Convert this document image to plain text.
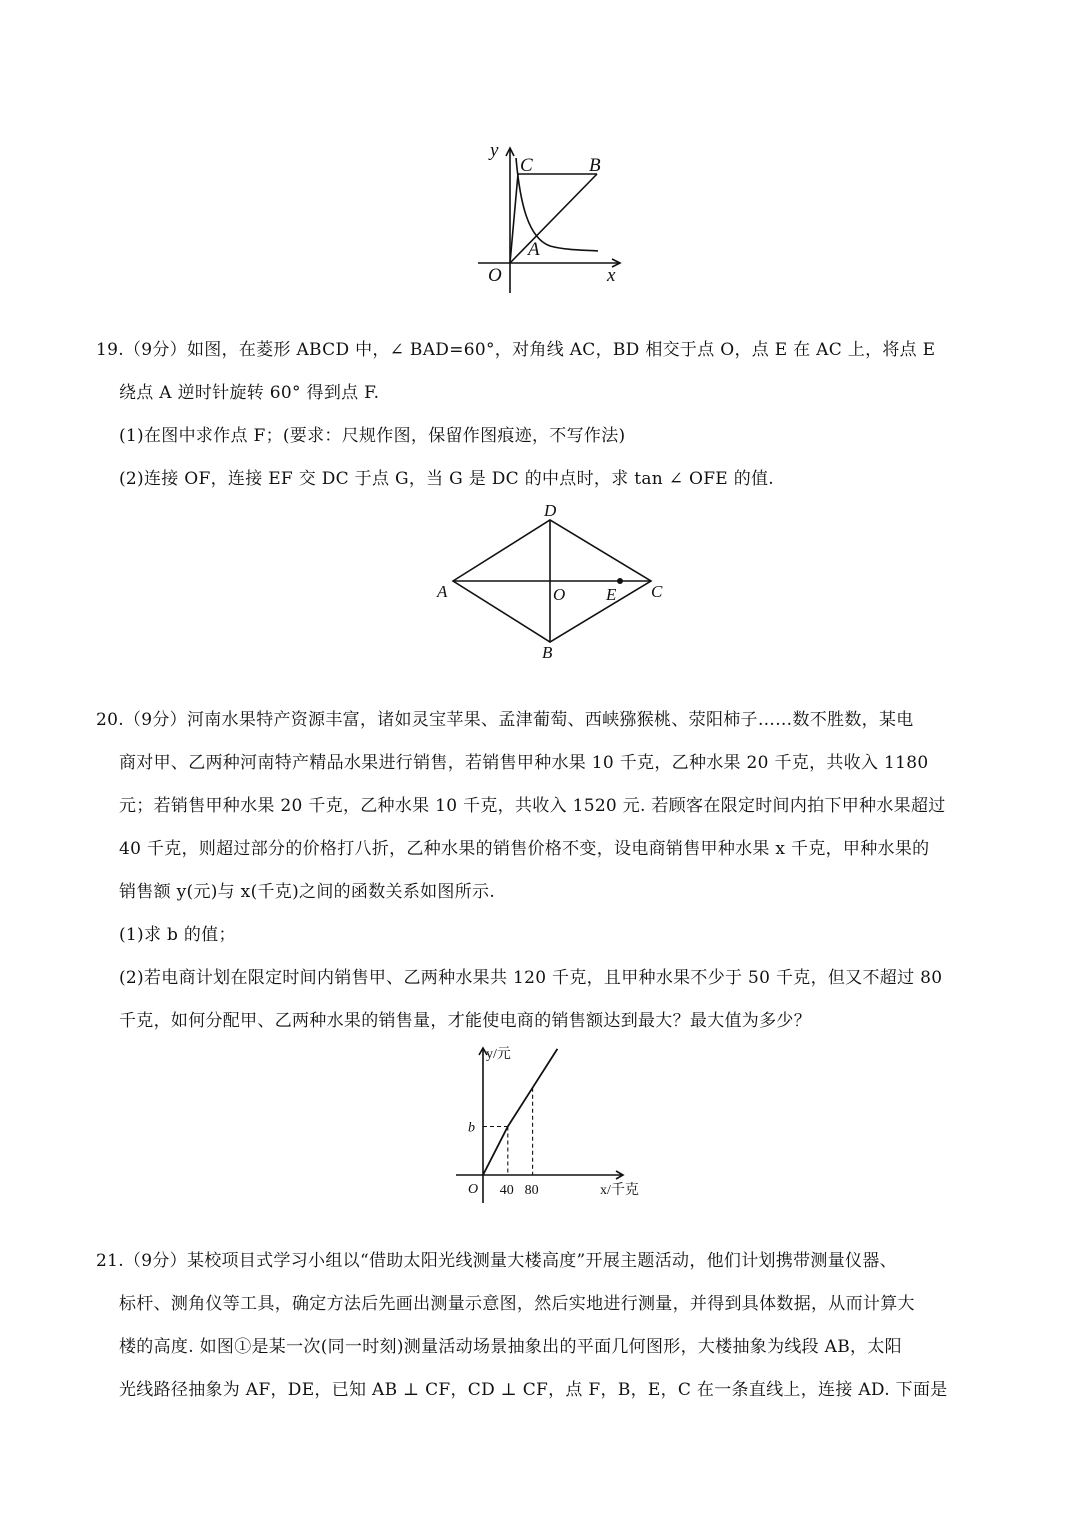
y
C	B
A
O	x
19.（9分）如图，在菱形 ABCD 中，∠ BAD=60°，对角线 AC，BD 相交于点 O，点 E 在 AC 上，将点 E
绕点 A 逆时针旋转 60° 得到点 F.
(1)在图中求作点 F；(要求：尺规作图，保留作图痕迹，不写作法)
(2)连接 OF，连接 EF 交 DC 于点 G，当 G 是 DC 的中点时，求 tan ∠ OFE 的值.
D
A	O E C
B
20.（9分）河南水果特产资源丰富，诸如灵宝苹果、孟津葡萄、西峡猕猴桃、荥阳柿子……数不胜数，某电
商对甲、乙两种河南特产精品水果进行销售，若销售甲种水果 10 千克，乙种水果 20 千克，共收入 1180
元；若销售甲种水果 20 千克，乙种水果 10 千克，共收入 1520 元. 若顾客在限定时间内拍下甲种水果超过
40 千克，则超过部分的价格打八折，乙种水果的销售价格不变，设电商销售甲种水果 x 千克，甲种水果的
销售额 y(元)与 x(千克)之间的函数关系如图所示.
(1)求 b 的值；
(2)若电商计划在限定时间内销售甲、乙两种水果共 120 千克，且甲种水果不少于 50 千克，但又不超过 80
千克，如何分配甲、乙两种水果的销售量，才能使电商的销售额达到最大？最大值为多少？
40 80
y/元
x/千克
O
b
21.（9分）某校项目式学习小组以“借助太阳光线测量大楼高度”开展主题活动，他们计划携带测量仪器、
标杆、测角仪等工具，确定方法后先画出测量示意图，然后实地进行测量，并得到具体数据，从而计算大
楼的高度. 如图①是某一次(同一时刻)测量活动场景抽象出的平面几何图形，大楼抽象为线段 AB，太阳
光线路径抽象为 AF，DE，已知 AB ⊥ CF，CD ⊥ CF，点 F，B，E，C 在一条直线上，连接 AD. 下面是
